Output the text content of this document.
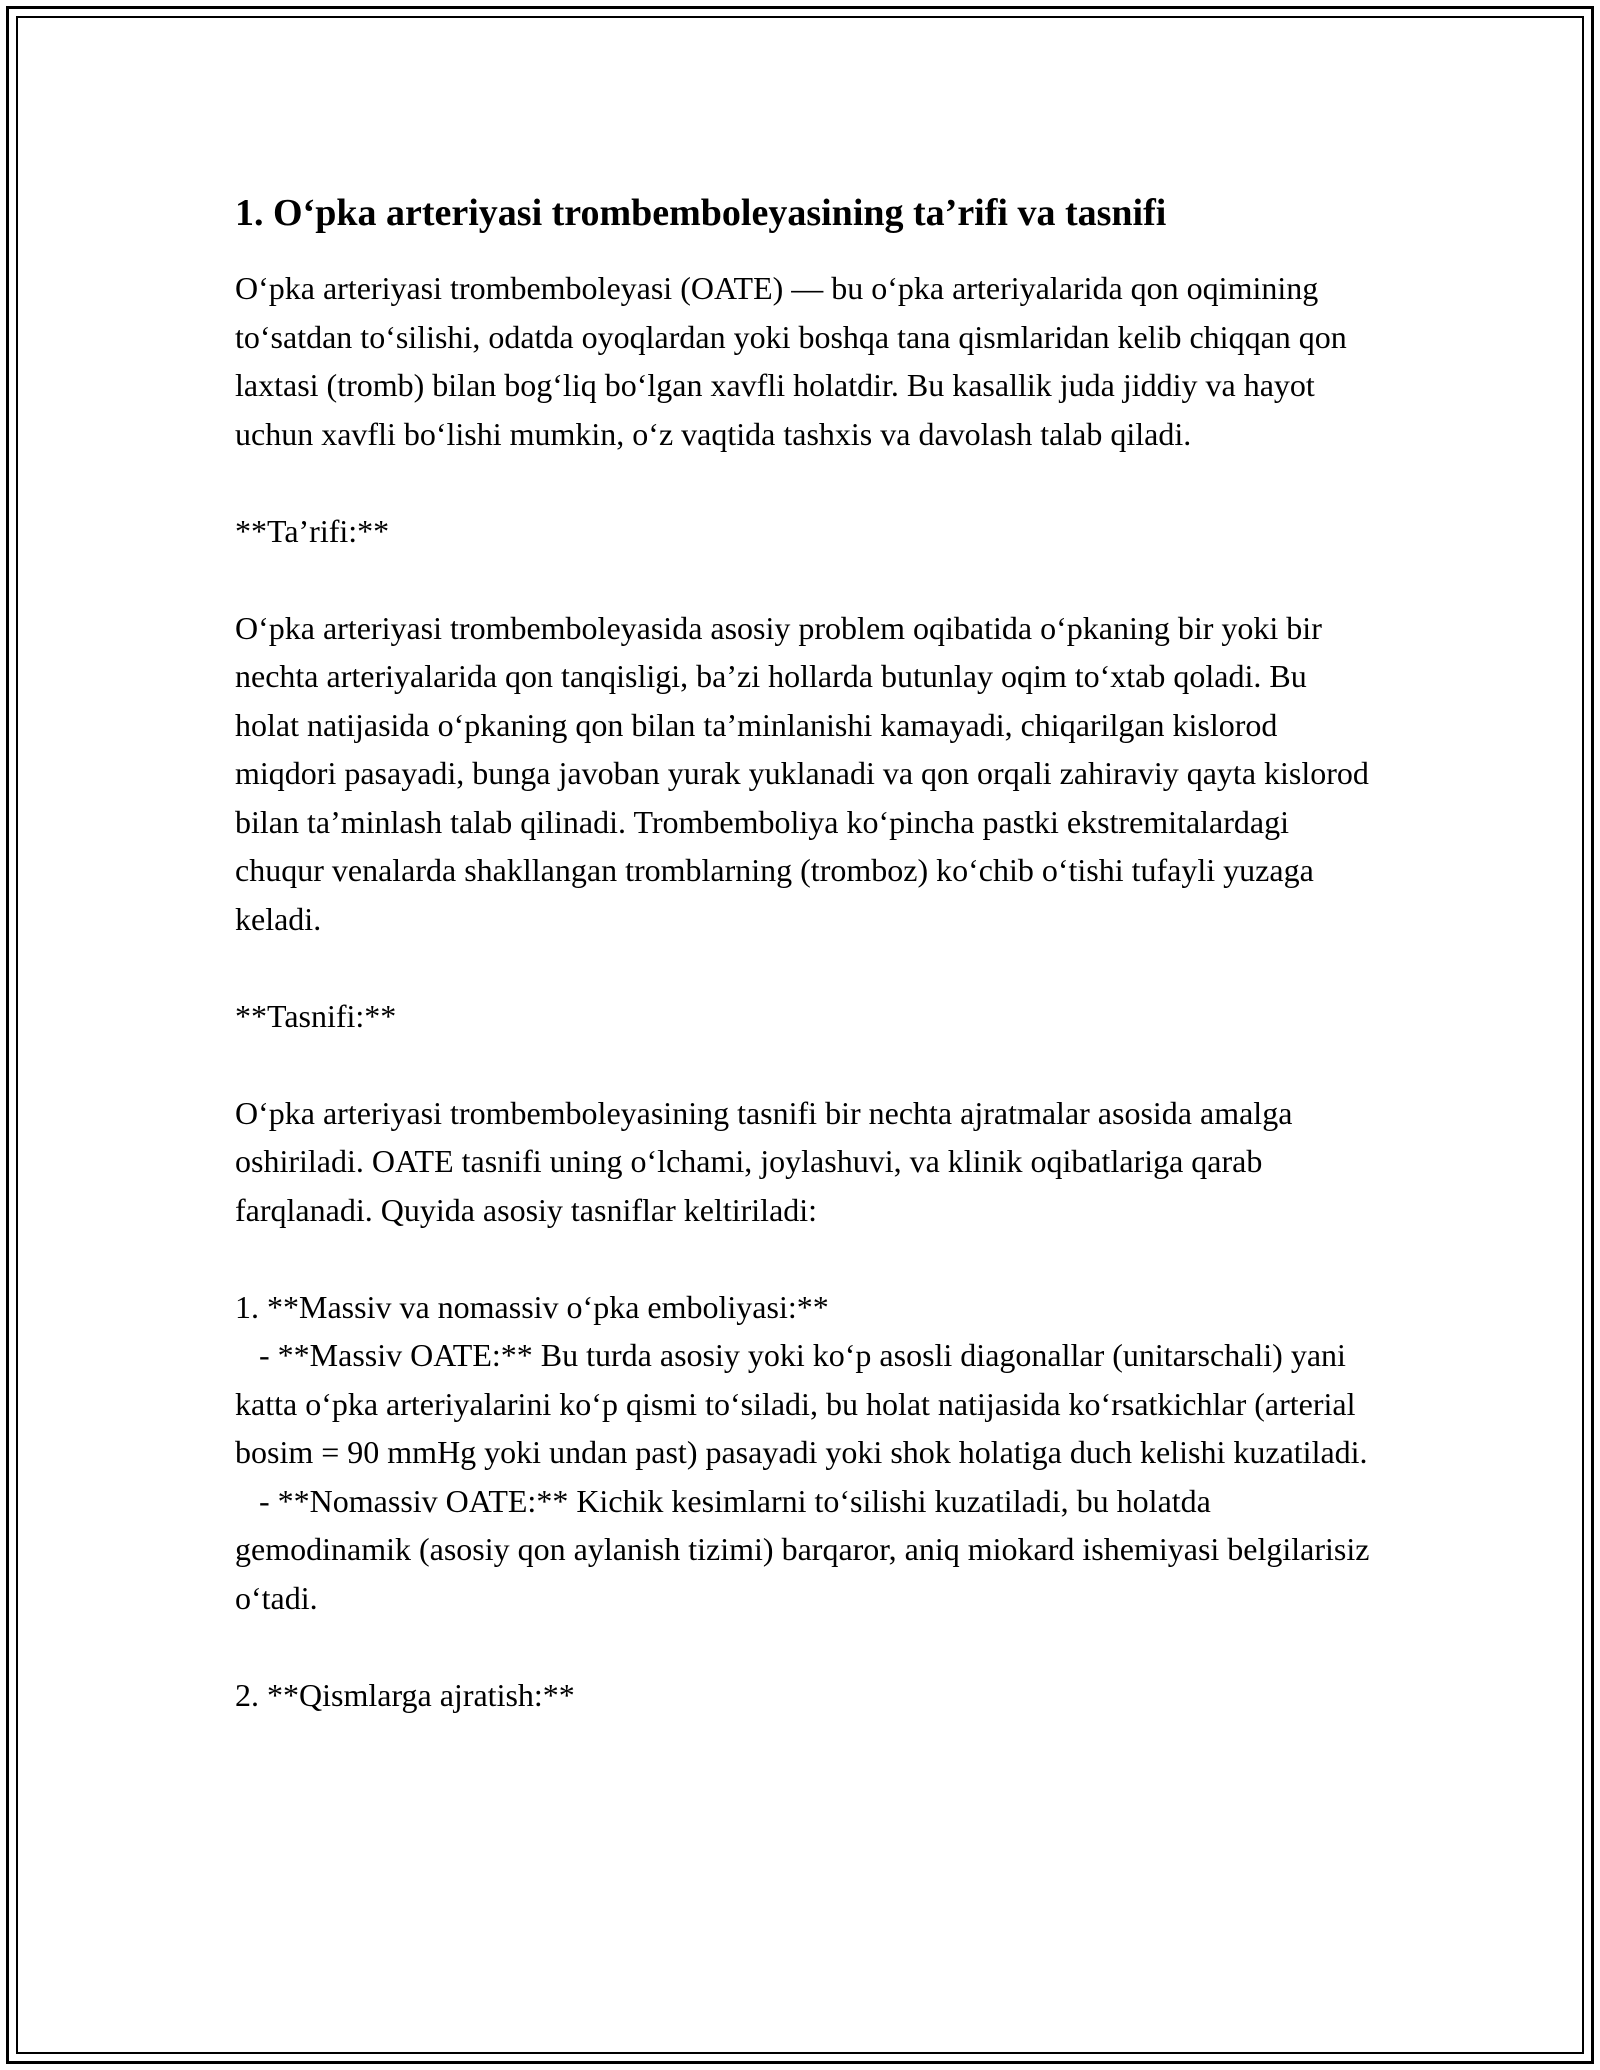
1. O‘pka arteriyasi trombemboleyasining ta’rifi va tasnifi

O‘pka arteriyasi trombemboleyasi (OATE) — bu o‘pka arteriyalarida qon oqimining to‘satdan to‘silishi, odatda oyoqlardan yoki boshqa tana qismlaridan kelib chiqqan qon laxtasi (tromb) bilan bog‘liq bo‘lgan xavfli holatdir. Bu kasallik juda jiddiy va hayot uchun xavfli bo‘lishi mumkin, o‘z vaqtida tashxis va davolash talab qiladi.

**Ta’rifi:**

O‘pka arteriyasi trombemboleyasida asosiy problem oqibatida o‘pkaning bir yoki bir nechta arteriyalarida qon tanqisligi, ba’zi hollarda butunlay oqim to‘xtab qoladi. Bu holat natijasida o‘pkaning qon bilan ta’minlanishi kamayadi, chiqarilgan kislorod miqdori pasayadi, bunga javoban yurak yuklanadi va qon orqali zahiraviy qayta kislorod bilan ta’minlash talab qilinadi. Trombemboliya ko‘pincha pastki ekstremitalardagi chuqur venalarda shakllangan tromblarning (tromboz) ko‘chib o‘tishi tufayli yuzaga keladi.

**Tasnifi:**

O‘pka arteriyasi trombemboleyasining tasnifi bir nechta ajratmalar asosida amalga oshiriladi. OATE tasnifi uning o‘lchami, joylashuvi, va klinik oqibatlariga qarab farqlanadi. Quyida asosiy tasniflar keltiriladi:

1. **Massiv va nomassiv o‘pka emboliyasi:**
- **Massiv OATE:** Bu turda asosiy yoki ko‘p asosli diagonallar (unitarschali) yani katta o‘pka arteriyalarini ko‘p qismi to‘siladi, bu holat natijasida ko‘rsatkichlar (arterial bosim = 90 mmHg yoki undan past) pasayadi yoki shok holatiga duch kelishi kuzatiladi.
- **Nomassiv OATE:** Kichik kesimlarni to‘silishi kuzatiladi, bu holatda gemodinamik (asosiy qon aylanish tizimi) barqaror, aniq miokard ishemiyasi belgilarisiz o‘tadi.
2. **Qismlarga ajratish:**
